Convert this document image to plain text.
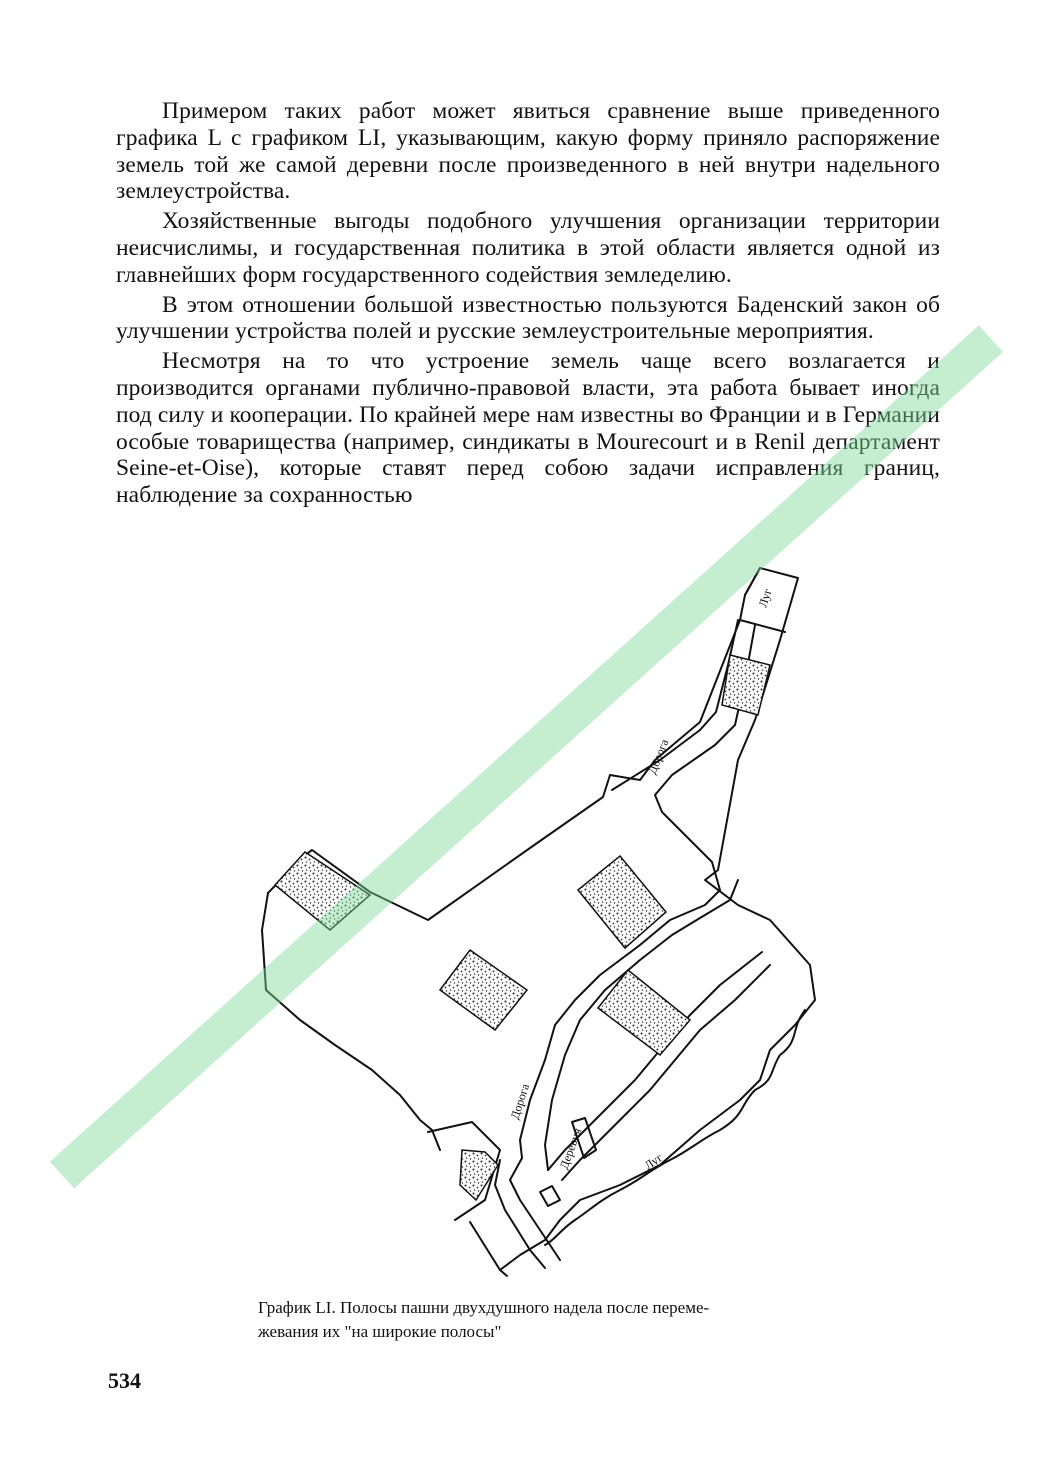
Примером таких работ может явиться сравнение выше приведенного графика L с графиком LI, указывающим, какую форму приняло распоряжение земель той же самой деревни после произведенного в ней внутри надельного землеустройства.

Хозяйственные выгоды подобного улучшения организации территории неисчислимы, и государственная политика в этой области является одной из главнейших форм государственного содействия земледелию.

В этом отношении большой известностью пользуются Баденский закон об улучшении устройства полей и русские землеустроительные мероприятия.

Несмотря на то что устроение земель чаще всего возлагается и производится органами публично-правовой власти, эта работа бывает иногда под силу и кооперации. По крайней мере нам известны во Франции и в Германии особые товарищества (например, синдикаты в Mourecourt и в Renil департамент Seine-et-Oise), которые ставят перед собою задачи исправления границ, наблюдение за сохранностью

Луг
Дорога
Дорога
Деревня	Луг
График LI. Полосы пашни двухдушного надела после переме-
жевания их "на широкие полосы"
534
